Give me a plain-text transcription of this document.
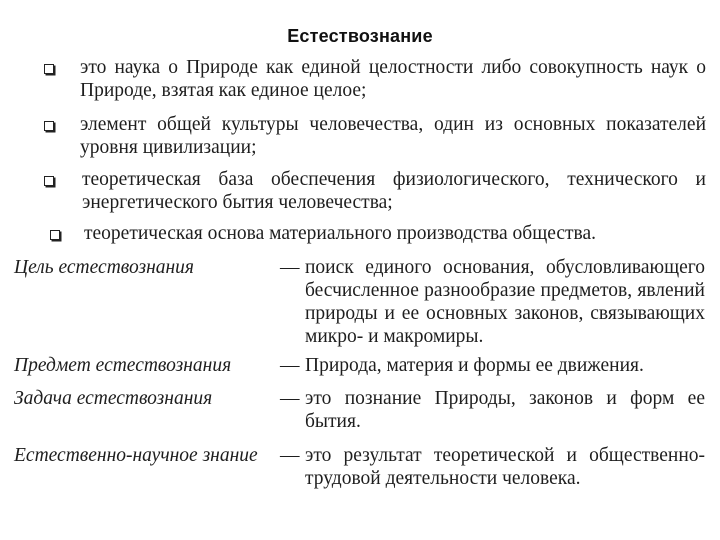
Естествознание
это наука о Природе как единой целостности либо совокупность наук о Природе, взятая как единое целое;
элемент общей культуры человечества, один из основных показателей уровня цивилизации;
теоретическая база обеспечения физиологического, технического и энергетического бытия человечества;
теоретическая основа материального производства общества.
Цель естествознания	— поиск единого основания, обусловливающего бесчисленное разнообразие предметов, явлений природы и ее основных законов, связывающих микро- и макромиры.
Предмет естествознания	— Природа, материя и формы ее движения.
Задача естествознания	— это познание Природы, законов и форм ее бытия.
Естественно-научное знание — это результат теоретической и общественно-трудовой деятельности человека.
